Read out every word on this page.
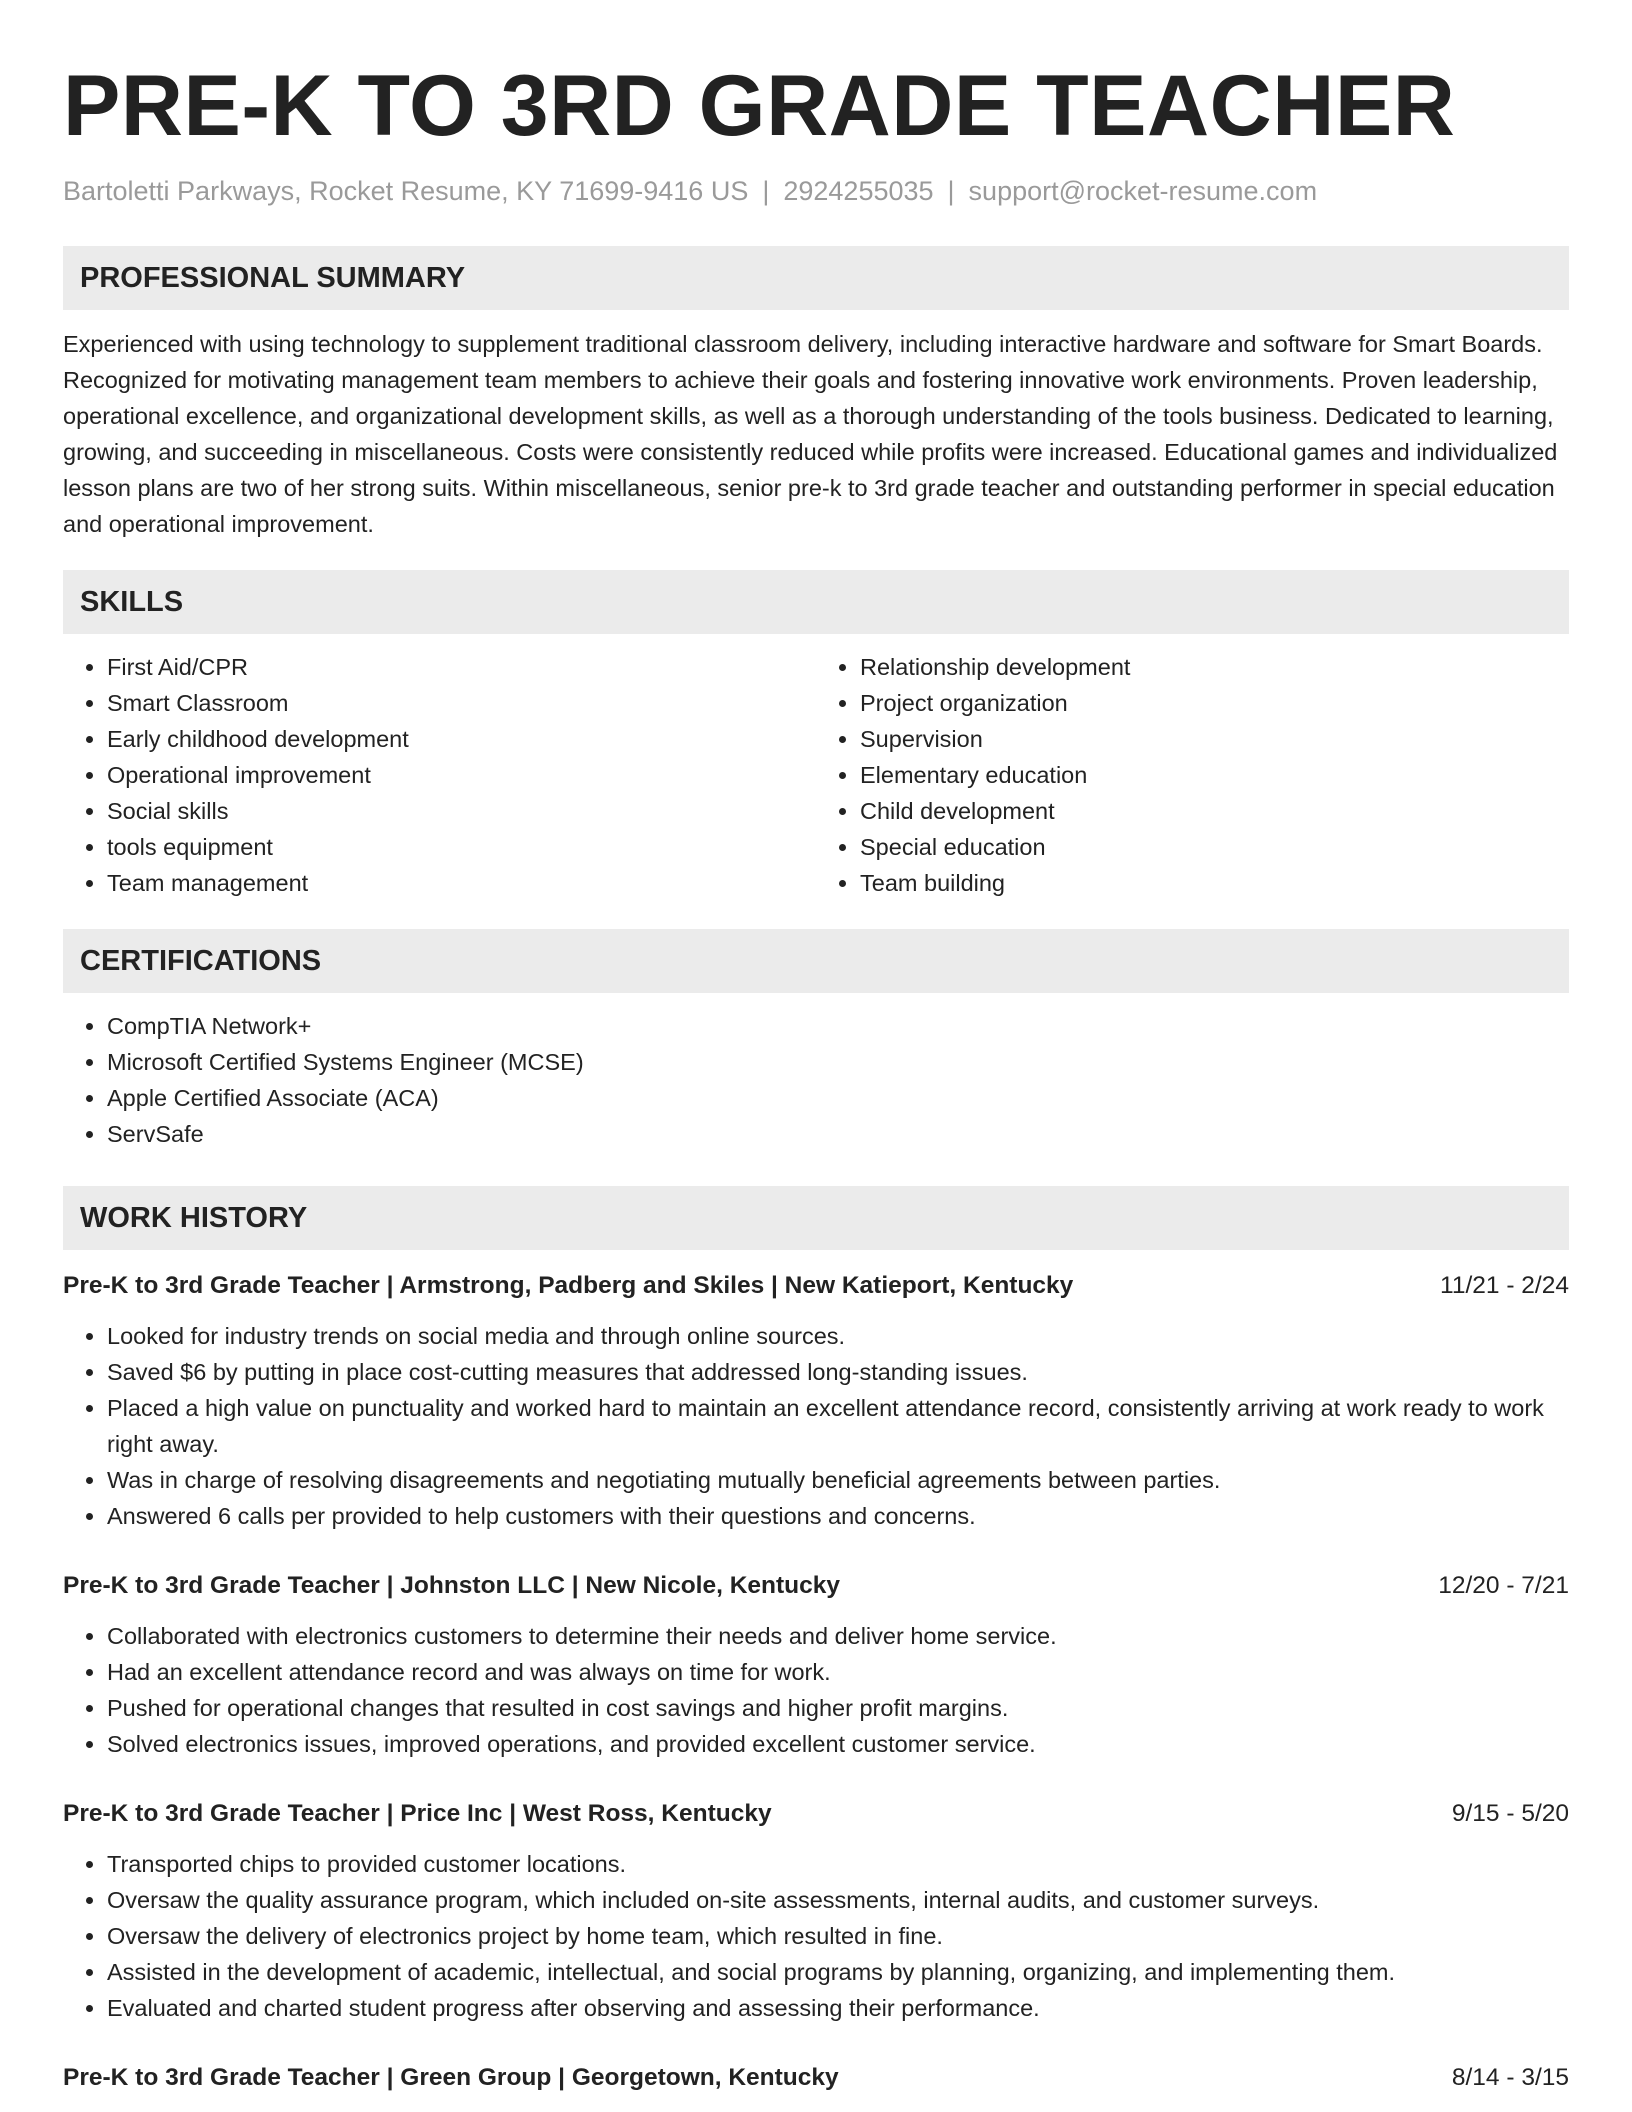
PRE-K TO 3RD GRADE TEACHER
Bartoletti Parkways, Rocket Resume, KY 71699-9416 US | 2924255035 | support@rocket-resume.com
PROFESSIONAL SUMMARY
Experienced with using technology to supplement traditional classroom delivery, including interactive hardware and software for Smart Boards. Recognized for motivating management team members to achieve their goals and fostering innovative work environments. Proven leadership, operational excellence, and organizational development skills, as well as a thorough understanding of the tools business. Dedicated to learning, growing, and succeeding in miscellaneous. Costs were consistently reduced while profits were increased. Educational games and individualized lesson plans are two of her strong suits. Within miscellaneous, senior pre-k to 3rd grade teacher and outstanding performer in special education and operational improvement.
SKILLS
• First Aid/CPR
• Smart Classroom
• Early childhood development
• Operational improvement
• Social skills
• tools equipment
• Team management
• Relationship development
• Project organization
• Supervision
• Elementary education
• Child development
• Special education
• Team building
CERTIFICATIONS
• CompTIA Network+
• Microsoft Certified Systems Engineer (MCSE)
• Apple Certified Associate (ACA)
• ServSafe
WORK HISTORY
Pre-K to 3rd Grade Teacher | Armstrong, Padberg and Skiles | New Katieport, Kentucky	11/21 - 2/24
• Looked for industry trends on social media and through online sources.
• Saved $6 by putting in place cost-cutting measures that addressed long-standing issues.
• Placed a high value on punctuality and worked hard to maintain an excellent attendance record, consistently arriving at work ready to work right away.
• Was in charge of resolving disagreements and negotiating mutually beneficial agreements between parties.
• Answered 6 calls per provided to help customers with their questions and concerns.
Pre-K to 3rd Grade Teacher | Johnston LLC | New Nicole, Kentucky	12/20 - 7/21
• Collaborated with electronics customers to determine their needs and deliver home service.
• Had an excellent attendance record and was always on time for work.
• Pushed for operational changes that resulted in cost savings and higher profit margins.
• Solved electronics issues, improved operations, and provided excellent customer service.
Pre-K to 3rd Grade Teacher | Price Inc | West Ross, Kentucky	9/15 - 5/20
• Transported chips to provided customer locations.
• Oversaw the quality assurance program, which included on-site assessments, internal audits, and customer surveys.
• Oversaw the delivery of electronics project by home team, which resulted in fine.
• Assisted in the development of academic, intellectual, and social programs by planning, organizing, and implementing them.
• Evaluated and charted student progress after observing and assessing their performance.
Pre-K to 3rd Grade Teacher | Green Group | Georgetown, Kentucky	8/14 - 3/15
